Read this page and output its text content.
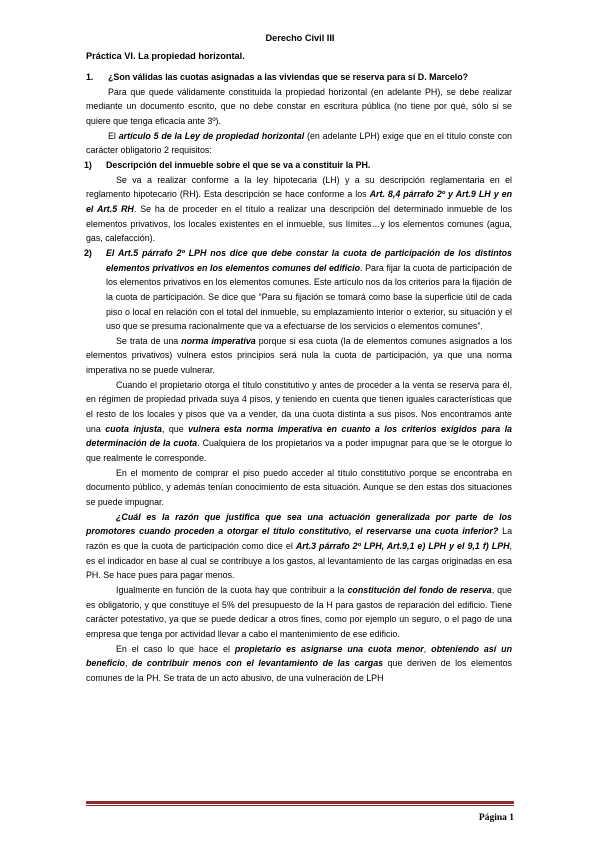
Derecho Civil III
Práctica VI. La propiedad horizontal.
1.	¿Son válidas las cuotas asignadas a las viviendas que se reserva para sí D. Marcelo?

Para que quede válidamente constituida la propiedad horizontal (en adelante PH), se debe realizar mediante un documento escrito, que no debe constar en escritura pública (no tiene por qué, sólo si se quiere que tenga eficacia ante 3º).

El artículo 5 de la Ley de propiedad horizontal (en adelante LPH) exige que en el título conste con carácter obligatorio 2 requisitos:

1)	Descripción del inmueble sobre el que se va a constituir la PH.

Se va a realizar conforme a la ley hipotecaria (LH) y a su descripción reglamentaria en el reglamento hipotecario (RH). Esta descripción se hace conforme a los Art. 8,4 párrafo 2º y Art.9 LH y en el Art.5 RH. Se ha de proceder en el título a realizar una descripción del determinado inmueble de los elementos privativos, los locales existentes en el inmueble, sus límites…y los elementos comunes (agua, gas, calefacción).

2)	El Art.5 párrafo 2º LPH nos dice que debe constar la cuota de participación de los distintos elementos privativos en los elementos comunes del edificio. Para fijar la cuota de participación de los elementos privativos en los elementos comunes. Este artículo nos da los criterios para la fijación de la cuota de participación. Se dice que “Para su fijación se tomará como base la superficie útil de cada piso o local en relación con el total del inmueble, su emplazamiento interior o exterior, su situación y el uso que se presuma racionalmente que va a efectuarse de los servicios o elementos comunes”.

Se trata de una norma imperativa porque si esa cuota (la de elementos comunes asignados a los elementos privativos) vulnera estos principios será nula la cuota de participación, ya que una norma imperativa no se puede vulnerar.

Cuando el propietario otorga el título constitutivo y antes de proceder a la venta se reserva para él, en régimen de propiedad privada suya 4 pisos, y teniendo en cuenta que tienen iguales características que el resto de los locales y pisos que va a vender, da una cuota distinta a sus pisos. Nos encontramos ante una cuota injusta, que vulnera esta norma imperativa en cuanto a los criterios exigidos para la determinación de la cuota. Cualquiera de los propietarios va a poder impugnar para que se le otorgue lo que realmente le corresponde.

En el momento de comprar el piso puedo acceder al título constitutivo porque se encontraba en documento público, y además tenían conocimiento de esta situación. Aunque se den estas dos situaciones se puede impugnar.

¿Cuál es la razón que justifica que sea una actuación generalizada por parte de los promotores cuando proceden a otorgar el título constitutivo, el reservarse una cuota inferior? La razón es que la cuota de participación como dice el Art.3 párrafo 2º LPH, Art.9,1 e) LPH y el 9,1 f) LPH, es el indicador en base al cual se contribuye a los gastos, al levantamiento de las cargas originadas en esa PH. Se hace pues para pagar menos.

Igualmente en función de la cuota hay que contribuir a la constitución del fondo de reserva, que es obligatorio, y que constituye el 5% del presupuesto de la H para gastos de reparación del edificio. Tiene carácter potestativo, ya que se puede dedicar a otros fines, como por ejemplo un seguro, o el pago de una empresa que tenga por actividad llevar a cabo el mantenimiento de ese edificio.

En el caso lo que hace el propietario es asignarse una cuota menor, obteniendo así un beneficio, de contribuir menos con el levantamiento de las cargas que deriven de los elementos comunes de la PH. Se trata de un acto abusivo, de una vulneración de LPH

Página 1
